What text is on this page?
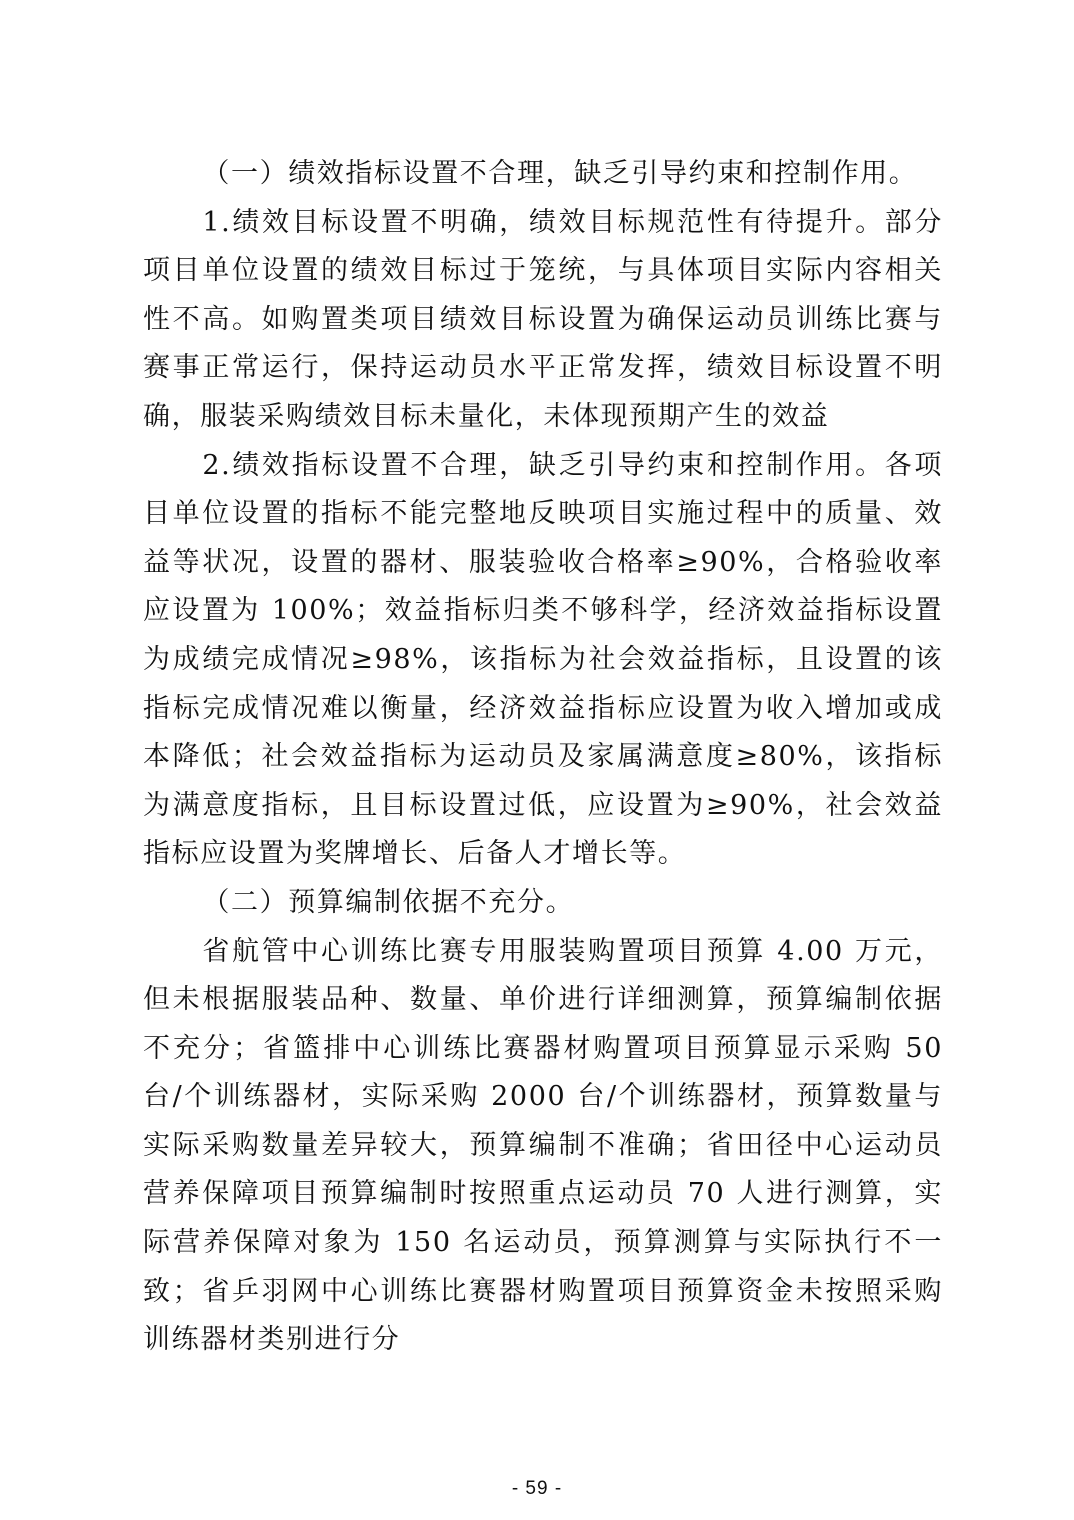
（一）绩效指标设置不合理，缺乏引导约束和控制作用。

1.绩效目标设置不明确，绩效目标规范性有待提升。部分项目单位设置的绩效目标过于笼统，与具体项目实际内容相关性不高。如购置类项目绩效目标设置为确保运动员训练比赛与赛事正常运行，保持运动员水平正常发挥，绩效目标设置不明确，服装采购绩效目标未量化，未体现预期产生的效益

2.绩效指标设置不合理，缺乏引导约束和控制作用。各项目单位设置的指标不能完整地反映项目实施过程中的质量、效益等状况，设置的器材、服装验收合格率≥90%，合格验收率应设置为 100%；效益指标归类不够科学，经济效益指标设置为成绩完成情况≥98%，该指标为社会效益指标，且设置的该指标完成情况难以衡量，经济效益指标应设置为收入增加或成本降低；社会效益指标为运动员及家属满意度≥80%，该指标为满意度指标，且目标设置过低，应设置为≥90%，社会效益指标应设置为奖牌增长、后备人才增长等。

（二）预算编制依据不充分。

省航管中心训练比赛专用服装购置项目预算 4.00 万元，但未根据服装品种、数量、单价进行详细测算，预算编制依据不充分；省篮排中心训练比赛器材购置项目预算显示采购 50 台/个训练器材，实际采购 2000 台/个训练器材，预算数量与实际采购数量差异较大，预算编制不准确；省田径中心运动员营养保障项目预算编制时按照重点运动员 70 人进行测算，实际营养保障对象为 150 名运动员，预算测算与实际执行不一致；省乒羽网中心训练比赛器材购置项目预算资金未按照采购训练器材类别进行分

- 59 -
